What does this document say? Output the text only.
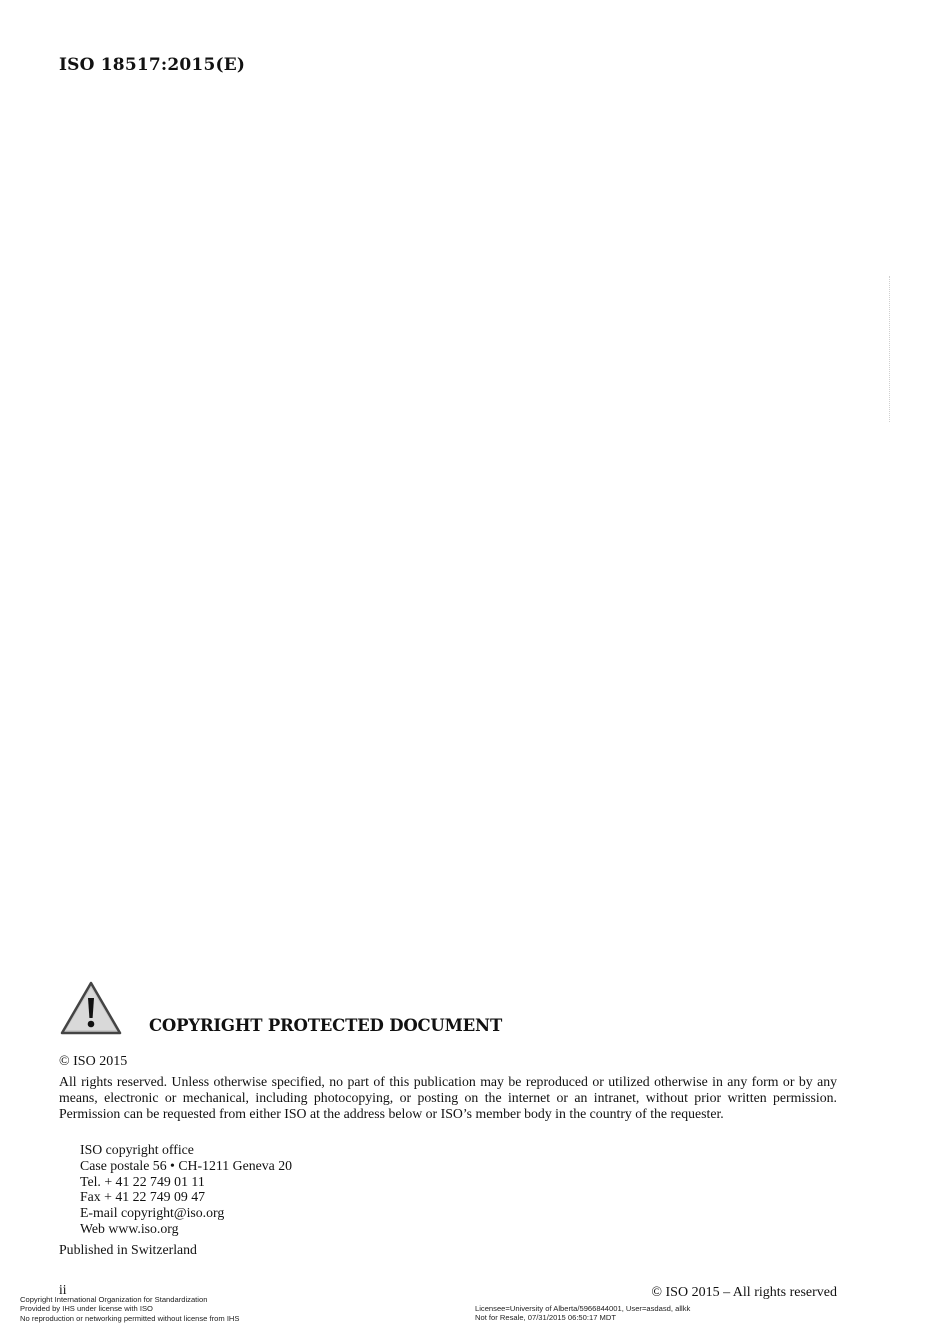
ISO 18517:2015(E)
COPYRIGHT PROTECTED DOCUMENT
© ISO 2015
All rights reserved. Unless otherwise specified, no part of this publication may be reproduced or utilized otherwise in any form or by any means, electronic or mechanical, including photocopying, or posting on the internet or an intranet, without prior written permission. Permission can be requested from either ISO at the address below or ISO’s member body in the country of the requester.
ISO copyright office
Case postale 56 • CH-1211 Geneva 20
Tel. + 41 22 749 01 11
Fax + 41 22 749 09 47
E-mail copyright@iso.org
Web www.iso.org
Published in Switzerland
ii	© ISO 2015 – All rights reserved
Copyright International Organization for Standardization
Provided by IHS under license with ISO
No reproduction or networking permitted without license from IHS
Licensee=University of Alberta/5966844001, User=asdasd, allkk
Not for Resale, 07/31/2015 06:50:17 MDT
